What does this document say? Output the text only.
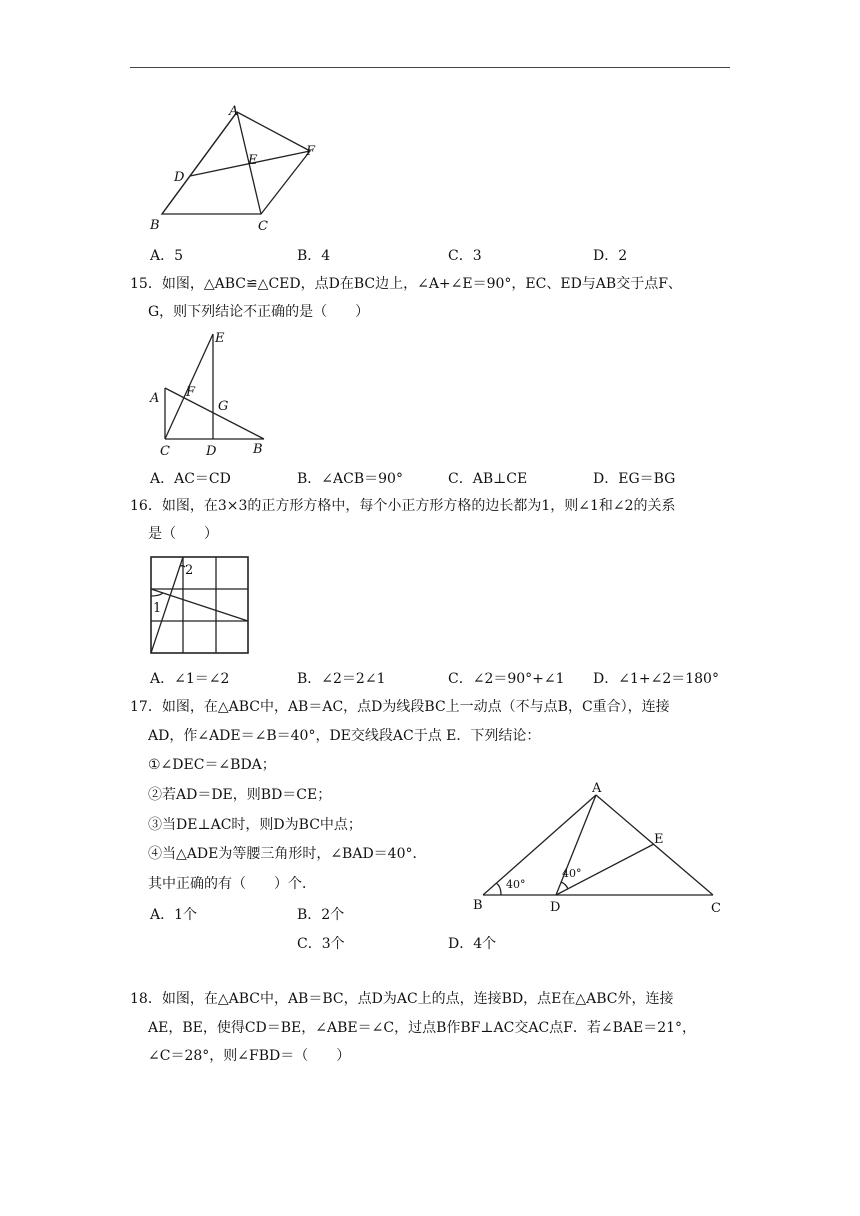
A
B	C
D
E
F
A．5	B．4	C．3	D．2
15．如图，△ABC≌△CED，点D在BC边上，∠A+∠E＝90°，EC、ED与AB交于点F、
G，则下列结论不正确的是（　　）
E
A F
G
C	D	B
A．AC＝CD	B．∠ACB＝90°	C．AB⊥CE	D．EG＝BG
16．如图，在3×3的正方形方格中，每个小正方形方格的边长都为1，则∠1和∠2的关系
是（　　）
1
2
A．∠1＝∠2	B．∠2＝2∠1	C．∠2＝90°+∠1 D．∠1+∠2＝180°
17．如图，在△ABC中，AB＝AC，点D为线段BC上一动点（不与点B，C重合），连接
AD，作∠ADE＝∠B＝40°，DE交线段AC于点 E．下列结论：
①∠DEC＝∠BDA；
②若AD＝DE，则BD＝CE；
③当DE⊥AC时，则D为BC中点；
④当△ADE为等腰三角形时，∠BAD＝40°．
其中正确的有（　　）个．
A．1个	B．2个
C．3个	D．4个
A
B	C
D
E
40°
40°
18．如图，在△ABC中，AB＝BC，点D为AC上的点，连接BD，点E在△ABC外，连接
AE，BE，使得CD＝BE，∠ABE＝∠C，过点B作BF⊥AC交AC点F．若∠BAE＝21°，
∠C＝28°，则∠FBD＝（　　）
